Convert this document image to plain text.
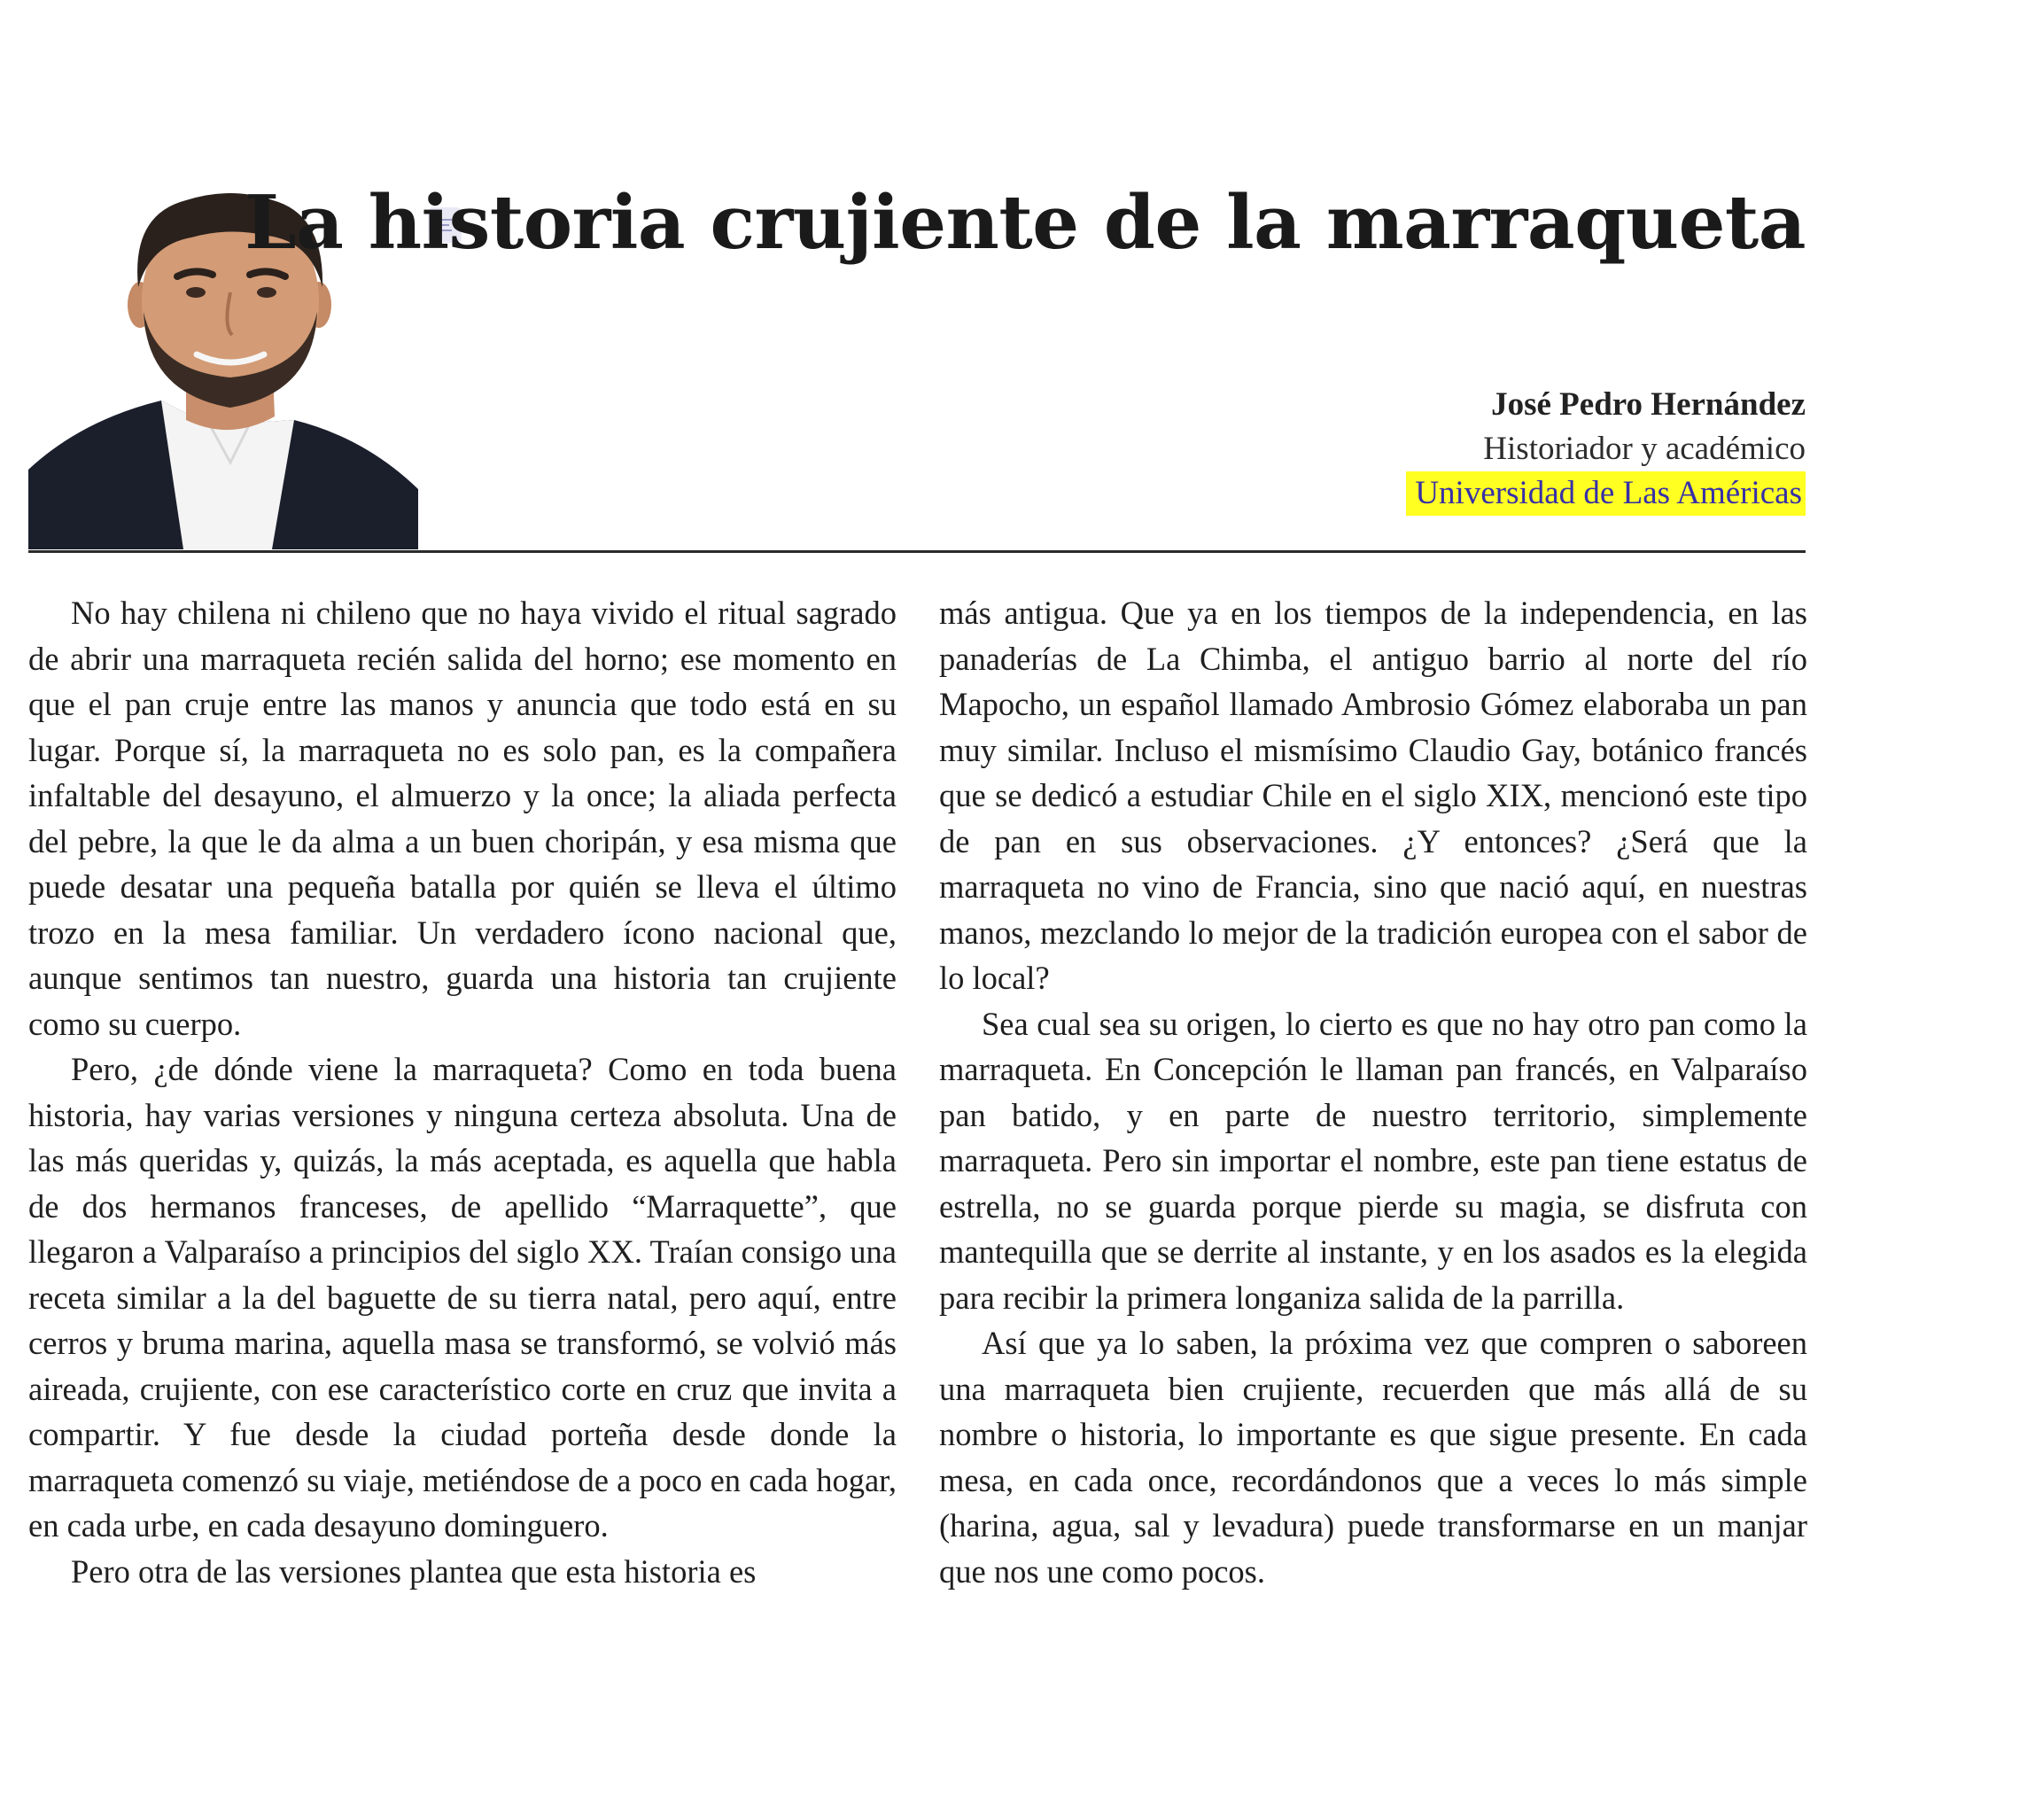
La historia crujiente de la marraqueta
José Pedro Hernández
Historiador y académico
Universidad de Las Américas

No hay chilena ni chileno que no haya vivido el ritual sagrado de abrir una marraqueta recién salida del horno; ese momento en que el pan cruje entre las manos y anuncia que todo está en su lugar. Porque sí, la marraqueta no es solo pan, es la compañera infaltable del desayuno, el almuerzo y la once; la aliada perfecta del pebre, la que le da alma a un buen choripán, y esa misma que puede desatar una pequeña batalla por quién se lleva el último trozo en la mesa familiar. Un verdadero ícono nacional que, aunque sentimos tan nuestro, guarda una historia tan crujiente como su cuerpo.

Pero, ¿de dónde viene la marraqueta? Como en toda buena historia, hay varias versiones y ninguna certeza absoluta. Una de las más queridas y, quizás, la más aceptada, es aquella que habla de dos hermanos franceses, de apellido “Marraquette”, que llegaron a Valparaíso a principios del siglo XX. Traían consigo una receta similar a la del baguette de su tierra natal, pero aquí, entre cerros y bruma marina, aquella masa se transformó, se volvió más aireada, crujiente, con ese característico corte en cruz que invita a compartir. Y fue desde la ciudad porteña desde donde la marraqueta comenzó su viaje, metiéndose de a poco en cada hogar, en cada urbe, en cada desayuno dominguero.

Pero otra de las versiones plantea que esta historia es

más antigua. Que ya en los tiempos de la independencia, en las panaderías de La Chimba, el antiguo barrio al norte del río Mapocho, un español llamado Ambrosio Gómez elaboraba un pan muy similar. Incluso el mismísimo Claudio Gay, botánico francés que se dedicó a estudiar Chile en el siglo XIX, mencionó este tipo de pan en sus observaciones. ¿Y entonces? ¿Será que la marraqueta no vino de Francia, sino que nació aquí, en nuestras manos, mezclando lo mejor de la tradición europea con el sabor de lo local?

Sea cual sea su origen, lo cierto es que no hay otro pan como la marraqueta. En Concepción le llaman pan francés, en Valparaíso pan batido, y en parte de nuestro territorio, simplemente marraqueta. Pero sin importar el nombre, este pan tiene estatus de estrella, no se guarda porque pierde su magia, se disfruta con mantequilla que se derrite al instante, y en los asados es la elegida para recibir la primera longaniza salida de la parrilla.

Así que ya lo saben, la próxima vez que compren o saboreen una marraqueta bien crujiente, recuerden que más allá de su nombre o historia, lo importante es que sigue presente. En cada mesa, en cada once, recordándonos que a veces lo más simple (harina, agua, sal y levadura) puede transformarse en un manjar que nos une como pocos.
